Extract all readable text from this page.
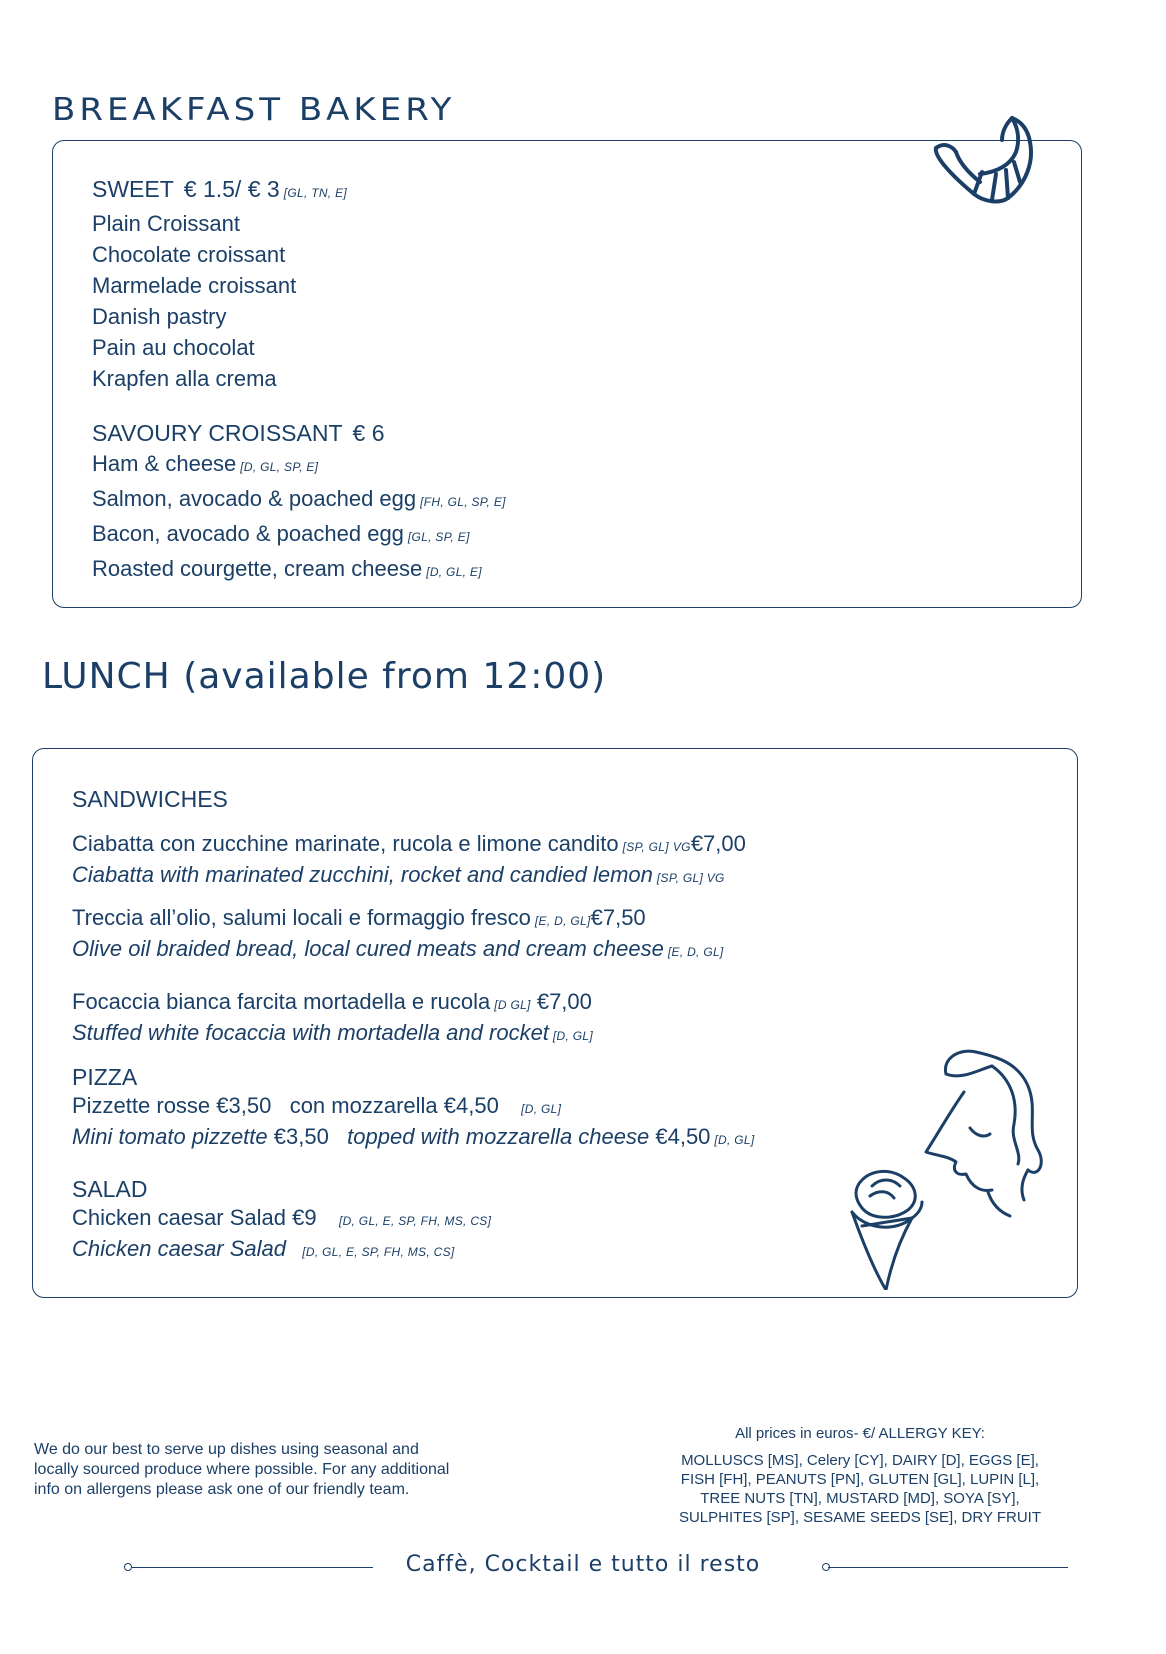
BREAKFAST BAKERY
SWEET € 1.5/ € 3 [GL, TN, E]
Plain Croissant
Chocolate croissant
Marmelade croissant
Danish pastry
Pain au chocolat
Krapfen alla crema
SAVOURY CROISSANT € 6
Ham & cheese [D, GL, SP, E]
Salmon, avocado & poached egg [FH, GL, SP, E]
Bacon, avocado & poached egg [GL, SP, E]
Roasted courgette, cream cheese [D, GL, E]
LUNCH (available from 12:00)
SANDWICHES
Ciabatta con zucchine marinate, rucola e limone candito [SP, GL] VG€7,00
Ciabatta with marinated zucchini, rocket and candied lemon [SP, GL] VG
Treccia all’olio, salumi locali e formaggio fresco [E, D, GL]€7,50
Olive oil braided bread, local cured meats and cream cheese [E, D, GL]
Focaccia bianca farcita mortadella e rucola [D GL] €7,00
Stuffed white focaccia with mortadella and rocket [D, GL]
PIZZA
Pizzette rosse €3,50 con mozzarella €4,50 [D, GL]
Mini tomato pizzette €3,50 topped with mozzarella cheese €4,50 [D, GL]
SALAD
Chicken caesar Salad €9 [D, GL, E, SP, FH, MS, CS]
Chicken caesar Salad [D, GL, E, SP, FH, MS, CS]
We do our best to serve up dishes using seasonal and locally sourced produce where possible. For any additional info on allergens please ask one of our friendly team.
All prices in euros- €/ ALLERGY KEY:
MOLLUSCS [MS], Celery [CY], DAIRY [D], EGGS [E],
FISH [FH], PEANUTS [PN], GLUTEN [GL], LUPIN [L],
TREE NUTS [TN], MUSTARD [MD], SOYA [SY],
SULPHITES [SP], SESAME SEEDS [SE], DRY FRUIT
Caffè, Cocktail e tutto il resto
